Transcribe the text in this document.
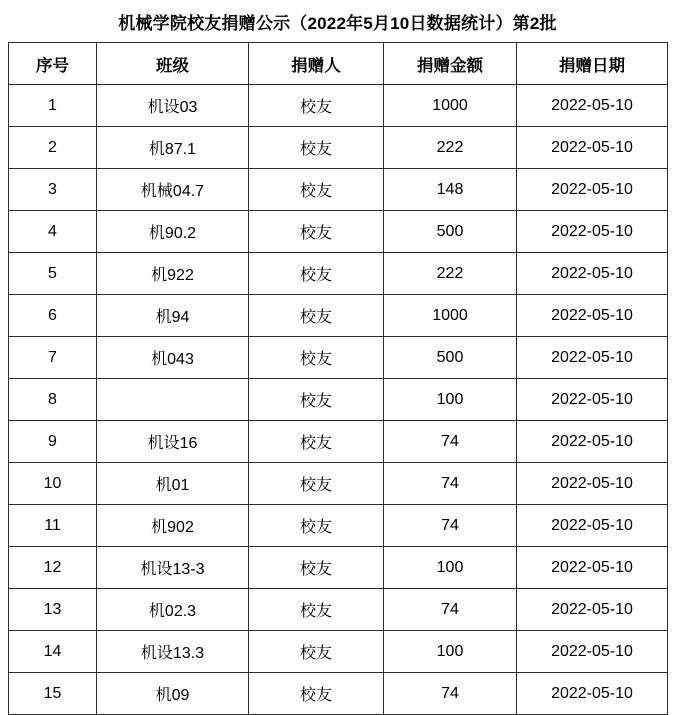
机械学院校友捐赠公示（2022年5月10日数据统计）第2批
序号	班级	捐赠人	捐赠金额	捐赠日期
1	机设03	校友	1000	2022-05-10
2	机87.1	校友	222	2022-05-10
3	机械04.7	校友	148	2022-05-10
4	机90.2	校友	500	2022-05-10
5	机922	校友	222	2022-05-10
6	机94	校友	1000	2022-05-10
7	机043	校友	500	2022-05-10
8		校友	100	2022-05-10
9	机设16	校友	74	2022-05-10
10	机01	校友	74	2022-05-10
11	机902	校友	74	2022-05-10
12	机设13-3	校友	100	2022-05-10
13	机02.3	校友	74	2022-05-10
14	机设13.3	校友	100	2022-05-10
15	机09	校友	74	2022-05-10
